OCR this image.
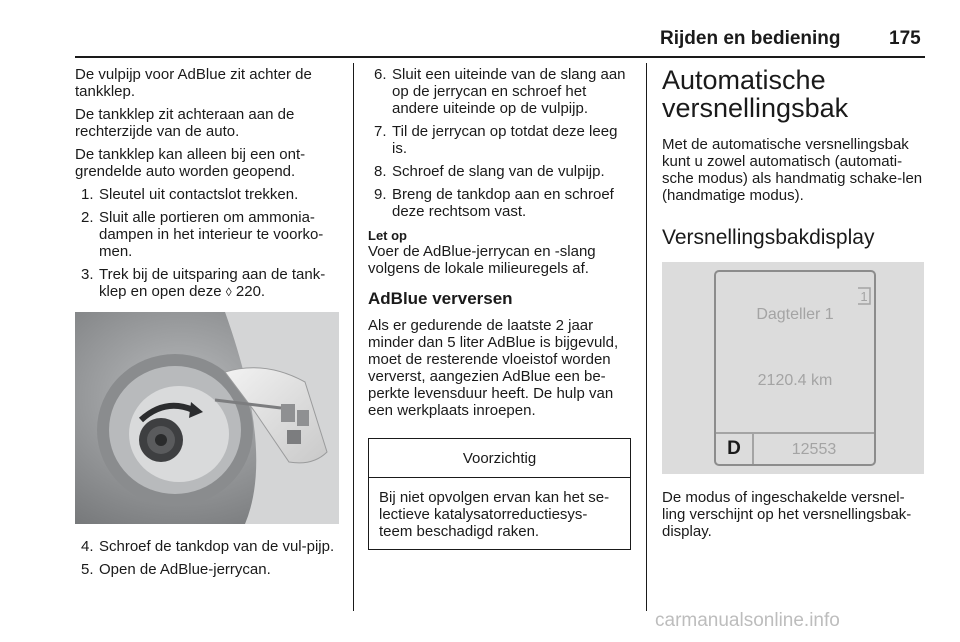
Rijden en bediening	175

De vulpijp voor AdBlue zit achter de tankklep.

De tankklep zit achteraan aan de rechterzijde van de auto.

De tankklep kan alleen bij een ont-grendelde auto worden geopend.

1. Sleutel uit contactslot trekken.
2. Sluit alle portieren om ammonia-dampen in het interieur te voorko-men.
3. Trek bij de uitsparing aan de tank-klep en open deze ◊ 220.
4. Schroef de tankdop van de vul-pijp.
5. Open de AdBlue-jerrycan.
6. Sluit een uiteinde van de slang aan op de jerrycan en schroef het andere uiteinde op de vulpijp.
7. Til de jerrycan op totdat deze leeg is.
8. Schroef de slang van de vulpijp.
9. Breng de tankdop aan en schroef deze rechtsom vast.
Let op
Voer de AdBlue-jerrycan en -slang volgens de lokale milieuregels af.
AdBlue verversen

Als er gedurende de laatste 2 jaar minder dan 5 liter AdBlue is bijgevuld, moet de resterende vloeistof worden ververst, aangezien AdBlue een be-perkte levensduur heeft. De hulp van een werkplaats inroepen.

Voorzichtig
Bij niet opvolgen ervan kan het se-lectieve katalysatorreductiesys-teem beschadigd raken.
Automatische versnellingsbak

Met de automatische versnellingsbak kunt u zowel automatisch (automati-sche modus) als handmatig schake-len (handmatige modus).

Versnellingsbakdisplay
1
Dagteller 1
2120.4 km
D	12553

De modus of ingeschakelde versnel-ling verschijnt op het versnellingsbak-display.

carmanualsonline.info
